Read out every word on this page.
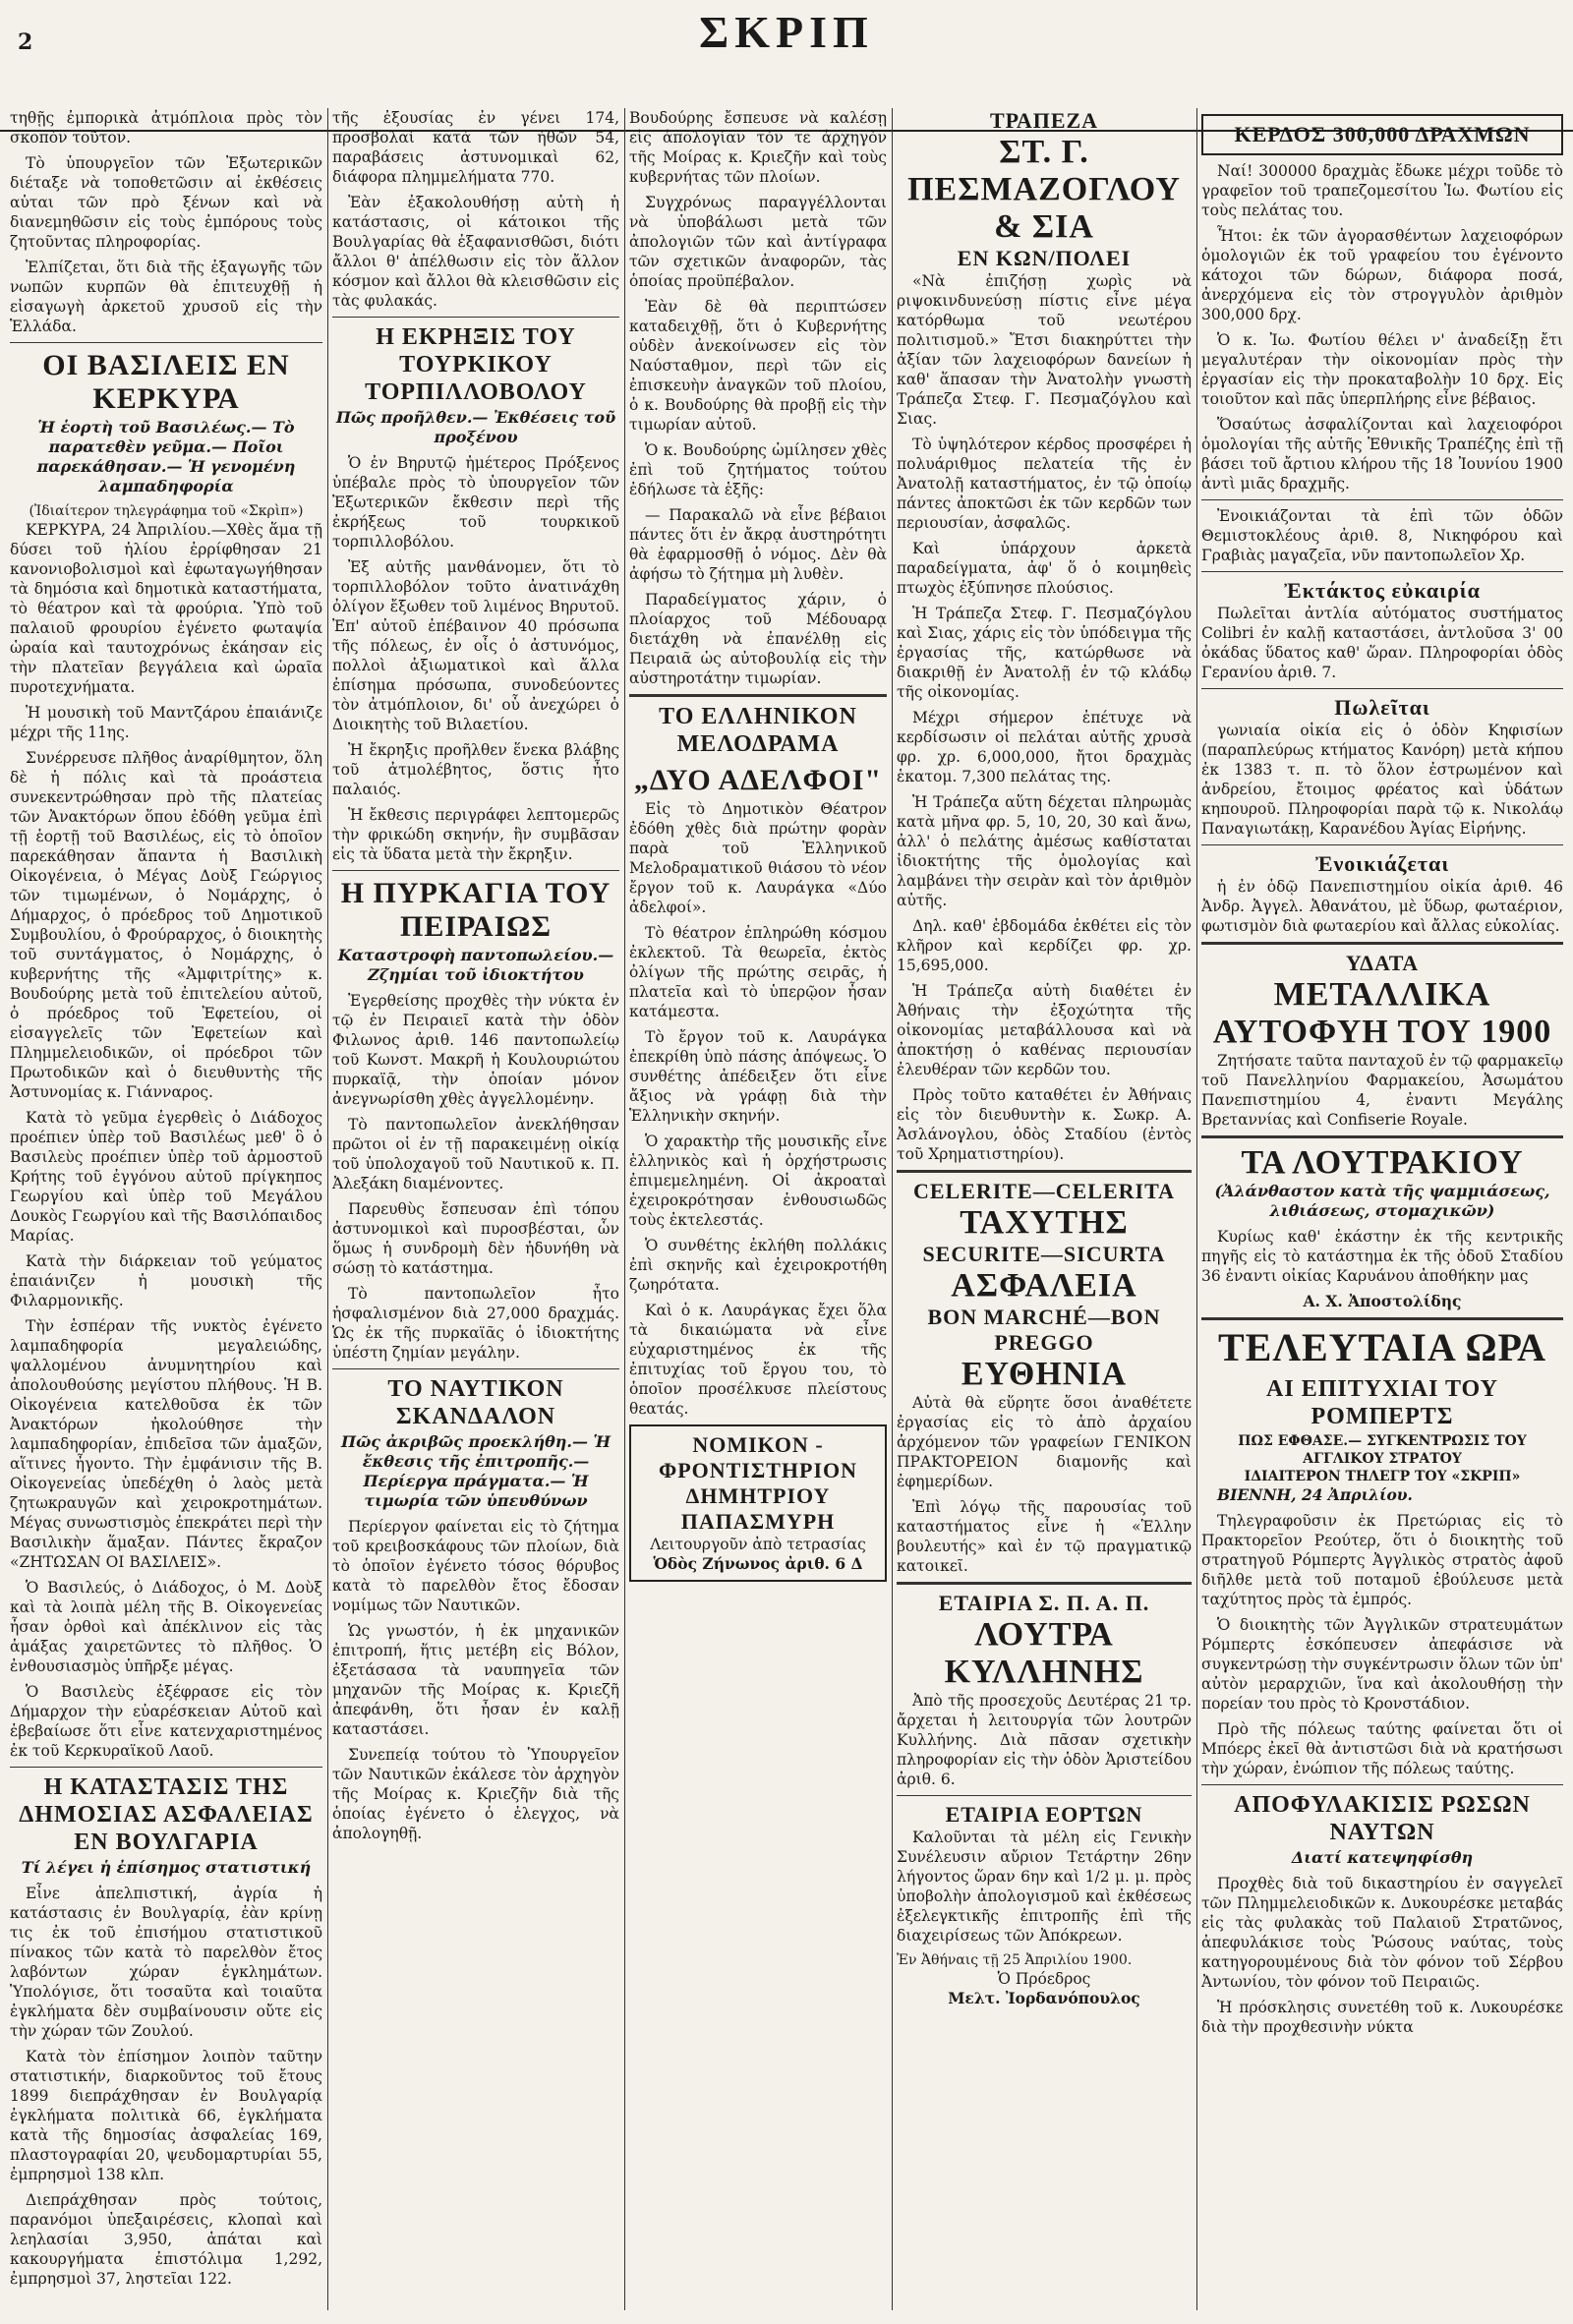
2	ΣΚΡΙΠ

τηθῇς ἐμπορικὰ ἀτμόπλοια πρὸς τὸν σκοπὸν τοῦτον.

Τὸ ὑπουργεῖον τῶν Ἐξωτερικῶν διέταξε νὰ τοποθετῶσιν αἱ ἐκθέσεις αὐται τῶν πρὸ ξένων καὶ νὰ διανεμηθῶσιν εἰς τοὺς ἐμπόρους τοὺς ζητοῦντας πληροφορίας.

Ἐλπίζεται, ὅτι διὰ τῆς ἐξαγωγῆς τῶν νωπῶν κυρπῶν θὰ ἐπιτευχθῇ ἡ εἰσαγωγὴ ἀρκετοῦ χρυσοῦ εἰς τὴν Ἑλλάδα.

ΟΙ ΒΑΣΙΛΕΙΣ ΕΝ ΚΕΡΚΥΡΑ
Ἡ ἑορτὴ τοῦ Βασιλέως.— Τὸ παρατεθὲν γεῦμα.— Ποῖοι παρεκάθησαν.— Ἡ γενομένη λαμπαδηφορία
(Ἰδιαίτερον τηλεγράφημα τοῦ «Σκρὶπ»)

ΚΕΡΚΥΡΑ, 24 Ἀπριλίου.—Χθὲς ἅμα τῇ δύσει τοῦ ἡλίου ἐρρίφθησαν 21 κανονιοβολισμοὶ καὶ ἐφωταγωγήθησαν τὰ δημόσια καὶ δημοτικὰ καταστήματα, τὸ θέατρον καὶ τὰ φρούρια. Ὑπὸ τοῦ παλαιοῦ φρουρίου ἐγένετο φωταψία ὡραία καὶ ταυτοχρόνως ἐκάησαν εἰς τὴν πλατεῖαν βεγγάλεια καὶ ὡραῖα πυροτεχνήματα.

Ἡ μουσικὴ τοῦ Μαντζάρου ἐπαιάνιζε μέχρι τῆς 11ης.

Συνέρρευσε πλῆθος ἀναρίθμητον, ὅλη δὲ ἡ πόλις καὶ τὰ προάστεια συνεκεντρώθησαν πρὸ τῆς πλατείας τῶν Ἀνακτόρων ὅπου ἐδόθη γεῦμα ἐπὶ τῇ ἑορτῇ τοῦ Βασιλέως, εἰς τὸ ὁποῖον παρεκάθησαν ἅπαντα ἡ Βασιλικὴ Οἰκογένεια, ὁ Μέγας Δοὺξ Γεώργιος τῶν τιμωμένων, ὁ Νομάρχης, ὁ Δήμαρχος, ὁ πρόεδρος τοῦ Δημοτικοῦ Συμβουλίου, ὁ Φρούραρχος, ὁ διοικητὴς τοῦ συντάγματος, ὁ Νομάρχης, ὁ κυβερνήτης τῆς «Ἀμφιτρίτης» κ. Βουδούρης μετὰ τοῦ ἐπιτελείου αὐτοῦ, ὁ πρόεδρος τοῦ Ἐφετείου, οἱ εἰσαγγελεῖς τῶν Ἐφετείων καὶ Πλημμελειοδικῶν, οἱ πρόεδροι τῶν Πρωτοδικῶν καὶ ὁ διευθυντὴς τῆς Ἀστυνομίας κ. Γιάνναρος.

Κατὰ τὸ γεῦμα ἐγερθεὶς ὁ Διάδοχος προέπιεν ὑπὲρ τοῦ Βασιλέως μεθ' ὃ ὁ Βασιλεὺς προέπιεν ὑπὲρ τοῦ ἀρμοστοῦ Κρήτης τοῦ ἐγγόνου αὐτοῦ πρίγκηπος Γεωργίου καὶ ὑπὲρ τοῦ Μεγάλου Δουκὸς Γεωργίου καὶ τῆς Βασιλόπαιδος Μαρίας.

Κατὰ τὴν διάρκειαν τοῦ γεύματος ἐπαιάνιζεν ἡ μουσικὴ τῆς Φιλαρμονικῆς.

Τὴν ἑσπέραν τῆς νυκτὸς ἐγένετο λαμπαδηφορία μεγαλειώδης, ψαλλομένου ἀνυμνητηρίου καὶ ἀπολουθούσης μεγίστου πλήθους. Ἡ Β. Οἰκογένεια κατελθοῦσα ἐκ τῶν Ἀνακτόρων ἠκολούθησε τὴν λαμπαδηφορίαν, ἐπιδεῖσα τῶν ἀμαξῶν, αἵτινες ἦγοντο. Τὴν ἐμφάνισιν τῆς Β. Οἰκογενείας ὑπεδέχθη ὁ λαὸς μετὰ ζητωκραυγῶν καὶ χειροκροτημάτων. Μέγας συνωστισμὸς ἐπεκράτει περὶ τὴν Βασιλικὴν ἅμαξαν. Πάντες ἔκραζον «ΖΗΤΩΣΑΝ ΟΙ ΒΑΣΙΛΕΙΣ».

Ὁ Βασιλεύς, ὁ Διάδοχος, ὁ Μ. Δοὺξ καὶ τὰ λοιπὰ μέλη τῆς Β. Οἰκογενείας ἦσαν ὀρθοὶ καὶ ἀπέκλινον εἰς τὰς ἁμάξας χαιρετῶντες τὸ πλῆθος. Ὁ ἐνθουσιασμὸς ὑπῆρξε μέγας.

Ὁ Βασιλεὺς ἐξέφρασε εἰς τὸν Δήμαρχον τὴν εὐαρέσκειαν Αὐτοῦ καὶ ἐβεβαίωσε ὅτι εἶνε κατενχαριστημένος ἐκ τοῦ Κερκυραϊκοῦ Λαοῦ.

Η ΚΑΤΑΣΤΑΣΙΣ ΤΗΣ ΔΗΜΟΣΙΑΣ ΑΣΦΑΛΕΙΑΣ ΕΝ ΒΟΥΛΓΑΡΙΑ
Τί λέγει ἡ ἐπίσημος στατιστική

Εἶνε ἀπελπιστική, ἀγρία ἡ κατάστασις ἐν Βουλγαρίᾳ, ἐὰν κρίνῃ τις ἐκ τοῦ ἐπισήμου στατιστικοῦ πίνακος τῶν κατὰ τὸ παρελθὸν ἔτος λαβόντων χώραν ἐγκλημάτων. Ὑπολόγισε, ὅτι τοσαῦτα καὶ τοιαῦτα ἐγκλήματα δὲν συμβαίνουσιν οὔτε εἰς τὴν χώραν τῶν Ζουλού.

Κατὰ τὸν ἐπίσημον λοιπὸν ταῦτην στατιστικήν, διαρκοῦντος τοῦ ἔτους 1899 διεπράχθησαν ἐν Βουλγαρίᾳ ἐγκλήματα πολιτικὰ 66, ἐγκλήματα κατὰ τῆς δημοσίας ἀσφαλείας 169, πλαστογραφίαι 20, ψευδομαρτυρίαι 55, ἐμπρησμοὶ 138 κλπ.

Διεπράχθησαν πρὸς τούτοις, παρανόμοι ὑπεξαιρέσεις, κλοπαὶ καὶ λεηλασίαι 3,950, ἁπάται καὶ κακουργήματα ἐπιστόλιμα 1,292, ἐμπρησμοὶ 37, ληστεῖαι 122.

τῆς ἐξουσίας ἐν γένει 174, προσβολαὶ κατὰ τῶν ἠθῶν 54, παραβάσεις ἀστυνομικαὶ 62, διάφορα πλημμελήματα 770.

Ἐὰν ἐξακολουθήσῃ αὐτὴ ἡ κατάστασις, οἱ κάτοικοι τῆς Βουλγαρίας θὰ ἐξαφανισθῶσι, διότι ἄλλοι θ' ἀπέλθωσιν εἰς τὸν ἄλλον κόσμον καὶ ἄλλοι θὰ κλεισθῶσιν εἰς τὰς φυλακάς.

Η ΕΚΡΗΞΙΣ ΤΟΥ ΤΟΥΡΚΙΚΟΥ ΤΟΡΠΙΛΛΟΒΟΛΟΥ
Πῶς προῆλθεν.— Ἐκθέσεις τοῦ προξένου

Ὁ ἐν Βηρυτῷ ἡμέτερος Πρόξενος ὑπέβαλε πρὸς τὸ ὑπουργεῖον τῶν Ἐξωτερικῶν ἔκθεσιν περὶ τῆς ἐκρήξεως τοῦ τουρκικοῦ τορπιλλοβόλου.

Ἐξ αὐτῆς μανθάνομεν, ὅτι τὸ τορπιλλοβόλον τοῦτο ἀνατινάχθη ὀλίγον ἔξωθεν τοῦ λιμένος Βηρυτοῦ. Ἐπ' αὐτοῦ ἐπέβαινον 40 πρόσωπα τῆς πόλεως, ἐν οἷς ὁ ἀστυνόμος, πολλοὶ ἀξιωματικοὶ καὶ ἄλλα ἐπίσημα πρόσωπα, συνοδεύοντες τὸν ἀτμόπλοιον, δι' οὗ ἀνεχώρει ὁ Διοικητὴς τοῦ Βιλαετίου.

Ἡ ἔκρηξις προῆλθεν ἕνεκα βλάβης τοῦ ἀτμολέβητος, ὅστις ἦτο παλαιός.

Ἡ ἔκθεσις περιγράφει λεπτομερῶς τὴν φρικώδη σκηνήν, ἣν συμβᾶσαν εἰς τὰ ὕδατα μετὰ τὴν ἔκρηξιν.

Η ΠΥΡΚΑΓΙΑ ΤΟΥ ΠΕΙΡΑΙΩΣ
Καταστροφὴ παντοπωλείου.— Ζζημίαι τοῦ ἰδιοκτήτου

Ἐγερθείσης προχθὲς τὴν νύκτα ἐν τῷ ἐν Πειραιεῖ κατὰ τὴν ὁδὸν Φιλωνος ἀριθ. 146 παντοπωλείῳ τοῦ Κωνστ. Μακρῆ ἡ Κουλουριώτου πυρκαϊᾷ, τὴν ὁποίαν μόνον ἀνεγνωρίσθη χθὲς ἀγγελλομένην.

Τὸ παντοπωλεῖον ἀνεκλήθησαν πρῶτοι οἱ ἐν τῇ παρακειμένῃ οἰκίᾳ τοῦ ὑπολοχαγοῦ τοῦ Ναυτικοῦ κ. Π. Ἀλεξάκη διαμένοντες.

Παρευθὺς ἔσπευσαν ἐπὶ τόπου ἀστυνομικοὶ καὶ πυροσβέσται, ὧν ὅμως ἡ συνδρομὴ δὲν ἠδυνήθη νὰ σώσῃ τὸ κατάστημα.

Τὸ παντοπωλεῖον ἦτο ἠσφαλισμένον διὰ 27,000 δραχμάς. Ὡς ἐκ τῆς πυρκαϊᾶς ὁ ἰδιοκτήτης ὑπέστη ζημίαν μεγάλην.

ΤΟ ΝΑΥΤΙΚΟΝ ΣΚΑΝΔΑΛΟΝ
Πῶς ἀκριβῶς προεκλήθη.— Ἡ ἔκθεσις τῆς ἐπιτροπῆς.— Περίεργα πράγματα.— Ἡ τιμωρία τῶν ὑπευθύνων

Περίεργον φαίνεται εἰς τὸ ζήτημα τοῦ κρειβοσκάφους τῶν πλοίων, διὰ τὸ ὁποῖον ἐγένετο τόσος θόρυβος κατὰ τὸ παρελθὸν ἔτος ἔδοσαν νομίμως τῶν Ναυτικῶν.

Ὡς γνωστόν, ἡ ἐκ μηχανικῶν ἐπιτροπή, ἥτις μετέβη εἰς Βόλον, ἐξετάσασα τὰ ναυπηγεῖα τῶν μηχανῶν τῆς Μοίρας κ. Κριεζῆ ἀπεφάνθη, ὅτι ἦσαν ἐν καλῇ καταστάσει.

Συνεπείᾳ τούτου τὸ Ὑπουργεῖον τῶν Ναυτικῶν ἐκάλεσε τὸν ἀρχηγὸν τῆς Μοίρας κ. Κριεζῆν διὰ τῆς ὁποίας ἐγένετο ὁ ἐλεγχος, νὰ ἀπολογηθῇ.

Βουδούρης ἔσπευσε νὰ καλέσῃ εἰς ἀπολογίαν τὸν τε ἀρχηγὸν τῆς Μοίρας κ. Κριεζῆν καὶ τοὺς κυβερνήτας τῶν πλοίων.

Συγχρόνως παραγγέλλονται νὰ ὑποβάλωσι μετὰ τῶν ἀπολογιῶν τῶν καὶ ἀντίγραφα τῶν σχετικῶν ἀναφορῶν, τὰς ὁποίας προϋπέβαλον.

Ἐὰν δὲ θὰ περιπτώσεν καταδειχθῇ, ὅτι ὁ Κυβερνήτης οὐδὲν ἀνεκοίνωσεν εἰς τὸν Ναύσταθμον, περὶ τῶν εἰς ἐπισκευὴν ἀναγκῶν τοῦ πλοίου, ὁ κ. Βουδούρης θὰ προβῇ εἰς τὴν τιμωρίαν αὐτοῦ.

Ὁ κ. Βουδούρης ὡμίλησεν χθὲς ἐπὶ τοῦ ζητήματος τούτου ἐδήλωσε τὰ ἑξῆς:

— Παρακαλῶ νὰ εἶνε βέβαιοι πάντες ὅτι ἐν ἄκρᾳ ἀυστηρότητι θὰ ἐφαρμοσθῇ ὁ νόμος. Δὲν θὰ ἀφήσω τὸ ζήτημα μὴ λυθὲν.

Παραδείγματος χάριν, ὁ πλοίαρχος τοῦ Μέδουαρᾳ διετάχθη νὰ ἐπανέλθῃ εἰς Πειραιᾶ ὡς αὐτοβουλίᾳ εἰς τὴν αὐστηροτάτην τιμωρίαν.

ΤΟ ΕΛΛΗΝΙΚΟΝ ΜΕΛΟΔΡΑΜΑ
„ΔΥΟ ΑΔΕΛΦΟΙ"

Εἰς τὸ Δημοτικὸν Θέατρον ἐδόθη χθὲς διὰ πρώτην φορὰν παρὰ τοῦ Ἑλληνικοῦ Μελοδραματικοῦ θιάσου τὸ νέον ἔργον τοῦ κ. Λαυράγκα «Δύο ἀδελφοί».

Τὸ θέατρον ἐπληρώθη κόσμου ἐκλεκτοῦ. Τὰ θεωρεῖα, ἐκτὸς ὀλίγων τῆς πρώτης σειρᾶς, ἡ πλατεῖα καὶ τὸ ὑπερῷον ἦσαν κατάμεστα.

Τὸ ἔργον τοῦ κ. Λαυράγκα ἐπεκρίθη ὑπὸ πάσης ἀπόψεως. Ὁ συνθέτης ἀπέδειξεν ὅτι εἶνε ἄξιος νὰ γράφῃ διὰ τὴν Ἑλληνικὴν σκηνήν.

Ὁ χαρακτὴρ τῆς μουσικῆς εἶνε ἑλληνικὸς καὶ ἡ ὀρχήστρωσις ἐπιμεμελημένη. Οἱ ἀκροαταὶ ἐχειροκρότησαν ἐνθουσιωδῶς τοὺς ἐκτελεστάς.

Ὁ συνθέτης ἐκλήθη πολλάκις ἐπὶ σκηνῆς καὶ ἐχειροκροτήθη ζωηρότατα.

Καὶ ὁ κ. Λαυράγκας ἔχει ὅλα τὰ δικαιώματα νὰ εἶνε εὐχαριστημένος ἐκ τῆς ἐπιτυχίας τοῦ ἔργου του, τὸ ὁποῖον προσέλκυσε πλείστους θεατάς.

ΝΟΜΙΚΟΝ - ΦΡΟΝΤΙΣΤΗΡΙΟΝ
ΔΗΜΗΤΡΙΟΥ ΠΑΠΑΣΜΥΡΗ
Λειτουργοῦν ἀπὸ τετρασίας
Ὁδὸς Ζήνωνος ἀριθ. 6 Δ
ΤΡΑΠΕΖΑ
ΣΤ. Γ. ΠΕΣΜΑΖΟΓΛΟΥ & ΣΙΑ
ΕΝ ΚΩΝ/ΠΟΛΕΙ

«Νὰ ἐπιζήσῃ χωρὶς νὰ ριψοκινδυνεύσῃ πίστις εἶνε μέγα κατόρθωμα τοῦ νεωτέρου πολιτισμοῦ.» Ἔτσι διακηρύττει τὴν ἀξίαν τῶν λαχειοφόρων δανείων ἡ καθ' ἅπασαν τὴν Ἀνατολὴν γνωστὴ Τράπεζα Στεφ. Γ. Πεσμαζόγλου καὶ Σιας.

Τὸ ὑψηλότερον κέρδος προσφέρει ἡ πολυάριθμος πελατεία τῆς ἐν Ἀνατολῇ καταστήματος, ἐν τῷ ὁποίῳ πάντες ἀποκτῶσι ἐκ τῶν κερδῶν των περιουσίαν, ἀσφαλῶς.

Καὶ ὑπάρχουν ἀρκετὰ παραδείγματα, ἀφ' ὅ ὁ κοιμηθεὶς πτωχὸς ἐξύπνησε πλούσιος.

Ἡ Τράπεζα Στεφ. Γ. Πεσμαζόγλου καὶ Σιας, χάρις εἰς τὸν ὑπόδειγμα τῆς ἐργασίας τῆς, κατώρθωσε νὰ διακριθῇ ἐν Ἀνατολῇ ἐν τῷ κλάδῳ τῆς οἰκονομίας.

Μέχρι σήμερον ἐπέτυχε νὰ κερδίσωσιν οἱ πελάται αὐτῆς χρυσὰ φρ. χρ. 6,000,000, ἤτοι δραχμὰς ἑκατομ. 7,300 πελάτας της.

Ἡ Τράπεζα αὕτη δέχεται πληρωμὰς κατὰ μῆνα φρ. 5, 10, 20, 30 καὶ ἄνω, ἀλλ' ὁ πελάτης ἀμέσως καθίσταται ἰδιοκτήτης τῆς ὁμολογίας καὶ λαμβάνει τὴν σειρὰν καὶ τὸν ἀριθμὸν αὐτῆς.

Δηλ. καθ' ἑβδομάδα ἐκθέτει εἰς τὸν κλῆρον καὶ κερδίζει φρ. χρ. 15,695,000.

Ἡ Τράπεζα αὐτὴ διαθέτει ἐν Ἀθήναις τὴν ἐξοχώτητα τῆς οἰκονομίας μεταβάλλουσα καὶ νὰ ἀποκτήσῃ ὁ καθένας περιουσίαν ἐλευθέραν τῶν κερδῶν του.

Πρὸς τοῦτο καταθέτει ἐν Ἀθήναις εἰς τὸν διευθυντὴν κ. Σωκρ. Α. Ἀσλάνογλου, ὁδὸς Σταδίου (ἐντὸς τοῦ Χρηματιστηρίου).

CELERITE—CELERITA
ΤΑΧΥΤΗΣ
SECURITE—SICURTA
ΑΣΦΑΛΕΙΑ
BON MARCHÉ—BON PREGGO
ΕΥΘΗΝΙΑ

Αὐτὰ θὰ εὕρητε ὅσοι ἀναθέτετε ἐργασίας εἰς τὸ ἀπὸ ἀρχαίου ἀρχόμενον τῶν γραφείων ΓΕΝΙΚΟΝ ΠΡΑΚΤΟΡΕΙΟΝ διαμονῆς καὶ ἐφημερίδων.

Ἐπὶ λόγῳ τῆς παρουσίας τοῦ καταστήματος εἶνε ἡ «Ἑλλην βουλευτής» καὶ ἐν τῷ πραγματικῷ κατοικεῖ.

ΕΤΑΙΡΙΑ Σ. Π. Α. Π.
ΛΟΥΤΡΑ ΚΥΛΛΗΝΗΣ

Ἀπὸ τῆς προσεχοῦς Δευτέρας 21 τρ. ἄρχεται ἡ λειτουργία τῶν λουτρῶν Κυλλήνης. Διὰ πᾶσαν σχετικὴν πληροφορίαν εἰς τὴν ὁδὸν Ἀριστείδου ἀριθ. 6.

ΕΤΑΙΡΙΑ ΕΟΡΤΩΝ

Καλοῦνται τὰ μέλη εἰς Γενικὴν Συνέλευσιν αὔριον Τετάρτην 26ην λήγοντος ὥραν 6ην καὶ 1/2 μ. μ. πρὸς ὑποβολὴν ἀπολογισμοῦ καὶ ἐκθέσεως ἐξελεγκτικῆς ἐπιτροπῆς ἐπὶ τῆς διαχειρίσεως τῶν Ἀπόκρεων.

Ἐν Ἀθήναις τῇ 25 Ἀπριλίου 1900.
Ὁ Πρόεδρος
Μελτ. Ἰορδανόπουλος
ΚΕΡΔΟΣ 300,000 ΔΡΑΧΜΩΝ

Ναί! 300000 δραχμὰς ἔδωκε μέχρι τοῦδε τὸ γραφεῖον τοῦ τραπεζομεσίτου Ἰω. Φωτίου εἰς τοὺς πελάτας του.

Ἦτοι: ἐκ τῶν ἀγορασθέντων λαχειοφόρων ὁμολογιῶν ἐκ τοῦ γραφείου του ἐγένοντο κάτοχοι τῶν δώρων, διάφορα ποσά, ἀνερχόμενα εἰς τὸν στρογγυλὸν ἀριθμὸν 300,000 δρχ.

Ὁ κ. Ἰω. Φωτίου θέλει ν' ἀναδείξῃ ἔτι μεγαλυτέραν τὴν οἰκονομίαν πρὸς τὴν ἐργασίαν εἰς τὴν προκαταβολὴν 10 δρχ. Εἰς τοιοῦτον καὶ πᾶς ὑπερπλήρης εἶνε βέβαιος.

Ὅσαύτως ἀσφαλίζονται καὶ λαχειοφόροι ὁμολογίαι τῆς αὐτῆς Ἐθνικῆς Τραπέζης ἐπὶ τῇ βάσει τοῦ ἄρτιου κλήρου τῆς 18 Ἰουνίου 1900 ἀντὶ μιᾶς δραχμῆς.

Ἐνοικιάζονται τὰ ἐπὶ τῶν ὁδῶν Θεμιστοκλέους ἀριθ. 8, Νικηφόρου καὶ Γραβιὰς μαγαζεῖα, νῦν παντοπωλεῖον Χρ.

Ἐκτάκτος εὐκαιρία

Πωλεῖται ἀντλία αὐτόματος συστήματος Colibri ἐν καλῇ καταστάσει, ἀντλοῦσα 3' 00 ὀκάδας ὕδατος καθ' ὥραν. Πληροφορίαι ὁδὸς Γερανίου ἀριθ. 7.

Πωλεῖται

γωνιαία οἰκία εἰς ὁ ὁδὸν Κηφισίων (παραπλεύρως κτήματος Κανόρη) μετὰ κήπου ἐκ 1383 τ. π. τὸ ὅλον ἐστρωμένον καὶ ἀνδρείου, ἔτοιμος φρέατος καὶ ὑδάτων κηπουροῦ. Πληροφορίαι παρὰ τῷ κ. Νικολάῳ Παναγιωτάκῃ, Καρανέδου Ἀγίας Εἰρήνης.

Ἐνοικιάζεται

ἡ ἐν ὁδῷ Πανεπιστημίου οἰκία ἀριθ. 46 Ἀνδρ. Ἀγγελ. Ἀθανάτου, μὲ ὕδωρ, φωταέριον, φωτισμὸν διὰ φωταερίου καὶ ἄλλας εὐκολίας.

ΥΔΑΤΑ
ΜΕΤΑΛΛΙΚΑ ΑΥΤΟΦΥΗ ΤΟΥ 1900

Ζητήσατε ταῦτα πανταχοῦ ἐν τῷ φαρμακεῖῳ τοῦ Πανελληνίου Φαρμακείου, Ἀσωμάτου Πανεπιστημίου 4, ἐναντι Μεγάλης Βρεταννίας καὶ Confiserie Royale.

ΤΑ ΛΟΥΤΡΑΚΙΟΥ
(Ἀλάνθαστον κατὰ τῆς ψαμμιάσεως, λιθιάσεως, στομαχικῶν)

Κυρίως καθ' ἑκάστην ἐκ τῆς κεντρικῆς πηγῆς εἰς τὸ κατάστημα ἐκ τῆς ὁδοῦ Σταδίου 36 ἐναντι οἰκίας Καρυάνου ἀποθήκην μας

Α. Χ. Ἀποστολίδης
ΤΕΛΕΥΤΑΙΑ ΩΡΑ
ΑΙ ΕΠΙΤΥΧΙΑΙ ΤΟΥ ΡΟΜΠΕΡΤΣ
ΠΩΣ ΕΦΘΑΣΕ.— ΣΥΓΚΕΝΤΡΩΣΙΣ ΤΟΥ ΑΓΓΛΙΚΟΥ ΣΤΡΑΤΟΥ
ΙΔΙΑΙΤΕΡΟΝ ΤΗΛΕΓΡ ΤΟΥ «ΣΚΡΙΠ»

ΒΙΕΝΝΗ, 24 Ἀπριλίου.

Τηλεγραφοῦσιν ἐκ Πρετώριας εἰς τὸ Πρακτορεῖον Ρεούτερ, ὅτι ὁ διοικητὴς τοῦ στρατηγοῦ Ρόμπερτς Ἀγγλικὸς στρατὸς ἀφοῦ διῆλθε μετὰ τοῦ ποταμοῦ ἐβούλευσε μετὰ ταχύτητος πρὸς τὰ ἐμπρός.

Ὁ διοικητὴς τῶν Ἀγγλικῶν στρατευμάτων Ρόμπερτς ἐσκόπευσεν ἀπεφάσισε νὰ συγκεντρώσῃ τὴν συγκέντρωσιν ὅλων τῶν ὑπ' αὐτὸν μεραρχιῶν, ἵνα καὶ ἀκολουθήσῃ τὴν πορείαν του πρὸς τὸ Κρονστάδιον.

Πρὸ τῆς πόλεως ταύτης φαίνεται ὅτι οἱ Μπόερς ἐκεῖ θὰ ἀντιστῶσι διὰ νὰ κρατήσωσι τὴν χώραν, ἐνώπιον τῆς πόλεως ταύτης.

ΑΠΟΦΥΛΑΚΙΣΙΣ ΡΩΣΩΝ ΝΑΥΤΩΝ
Διατί κατεψηφίσθη

Προχθὲς διὰ τοῦ δικαστηρίου ἐν σαγγελεῖ τῶν Πλημμελειοδικῶν κ. Δυκουρέσκε μεταβάς εἰς τὰς φυλακὰς τοῦ Παλαιοῦ Στρατῶνος, ἀπεφυλάκισε τοὺς Ῥώσους ναύτας, τοὺς κατηγορουμένους διὰ τὸν φόνον τοῦ Σέρβου Ἀντωνίου, τὸν φόνον τοῦ Πειραιῶς.

Ἡ πρόσκλησις συνετέθη τοῦ κ. Λυκουρέσκε διὰ τὴν προχθεσινὴν νύκτα
